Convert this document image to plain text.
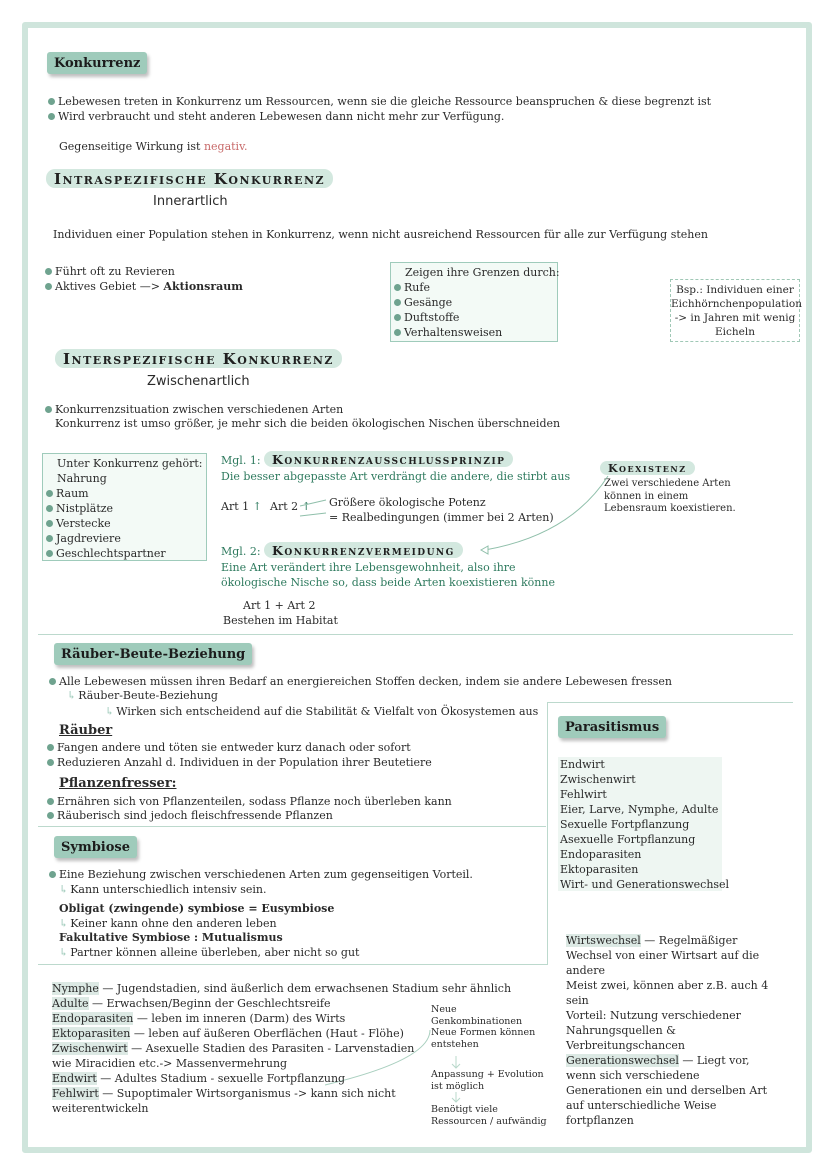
Konkurrenz
Lebewesen treten in Konkurrenz um Ressourcen, wenn sie die gleiche Ressource beanspruchen & diese begrenzt ist
Wird verbraucht und steht anderen Lebewesen dann nicht mehr zur Verfügung.
Gegenseitige Wirkung ist negativ.
Intraspezifische Konkurrenz
Innerartlich
Individuen einer Population stehen in Konkurrenz, wenn nicht ausreichend Ressourcen für alle zur Verfügung stehen
Führt oft zu Revieren
Aktives Gebiet —> Aktionsraum
Zeigen ihre Grenzen durch:
Rufe
Gesänge
Duftstoffe
Verhaltensweisen
Bsp.: Individuen einer
Eichhörnchenpopulation
-> in Jahren mit wenig
Eicheln
Interspezifische Konkurrenz
Zwischenartlich
Konkurrenzsituation zwischen verschiedenen Arten
Konkurrenz ist umso größer, je mehr sich die beiden ökologischen Nischen überschneiden
Unter Konkurrenz gehört:
Nahrung
Raum
Nistplätze
Verstecke
Jagdreviere
Geschlechtspartner
Mgl. 1: Konkurrenzausschlussprinzip
Die besser abgepasste Art verdrängt die andere, die stirbt aus
Art 1 ↑ Art 2 ↑ Größere ökologische Potenz
= Realbedingungen (immer bei 2 Arten)
Mgl. 2: Konkurrenzvermeidung
Eine Art verändert ihre Lebensgewohnheit, also ihre
ökologische Nische so, dass beide Arten koexistieren könne
Art 1 + Art 2
Bestehen im Habitat
Koexistenz
Zwei verschiedene Arten
können in einem
Lebensraum koexistieren.
Räuber-Beute-Beziehung
Alle Lebewesen müssen ihren Bedarf an energiereichen Stoffen decken, indem sie andere Lebewesen fressen
↳ Räuber-Beute-Beziehung
↳ Wirken sich entscheidend auf die Stabilität & Vielfalt von Ökosystemen aus
Räuber
Fangen andere und töten sie entweder kurz danach oder sofort
Reduzieren Anzahl d. Individuen in der Population ihrer Beutetiere
Pflanzenfresser:
Ernähren sich von Pflanzenteilen, sodass Pflanze noch überleben kann
Räuberisch sind jedoch fleischfressende Pflanzen
Parasitismus
Endwirt
Zwischenwirt
Fehlwirt
Eier, Larve, Nymphe, Adulte
Sexuelle Fortpflanzung
Asexuelle Fortpflanzung
Endoparasiten
Ektoparasiten
Wirt- und Generationswechsel
Wirtswechsel — Regelmäßiger
Wechsel von einer Wirtsart auf die
andere
Meist zwei, können aber z.B. auch 4
sein
Vorteil: Nutzung verschiedener
Nahrungsquellen &
Verbreitungschancen
Generationswechsel — Liegt vor,
wenn sich verschiedene
Generationen ein und derselben Art
auf unterschiedliche Weise
fortpflanzen
Symbiose
Eine Beziehung zwischen verschiedenen Arten zum gegenseitigen Vorteil.
↳ Kann unterschiedlich intensiv sein.
Obligat (zwingende) symbiose = Eusymbiose
↳ Keiner kann ohne den anderen leben
Fakultative Symbiose : Mutualismus
↳ Partner können alleine überleben, aber nicht so gut
Nymphe — Jugendstadien, sind äußerlich dem erwachsenen Stadium sehr ähnlich
Adulte — Erwachsen/Beginn der Geschlechtsreife
Endoparasiten — leben im inneren (Darm) des Wirts
Ektoparasiten — leben auf äußeren Oberflächen (Haut - Flöhe)
Zwischenwirt — Asexuelle Stadien des Parasiten - Larvenstadien
wie Miracidien etc.-> Massenvermehrung
Endwirt — Adultes Stadium - sexuelle Fortpflanzung
Fehlwirt — Supoptimaler Wirtsorganismus -> kann sich nicht
weiterentwickeln
Neue
Genkombinationen
Neue Formen können
entstehen
Anpassung + Evolution
ist möglich
Benötigt viele
Ressourcen / aufwändig
